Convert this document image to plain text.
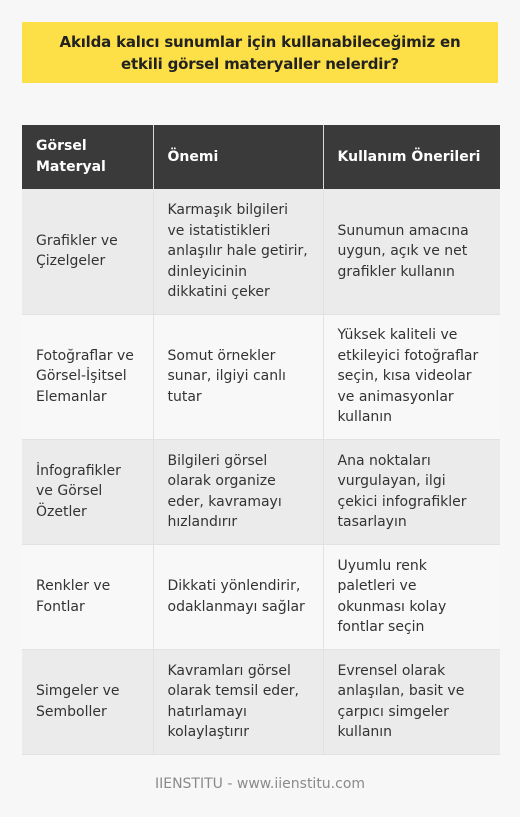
Akılda kalıcı sunumlar için kullanabileceğimiz en etkili görsel materyaller nelerdir?
Görsel Materyal	Önemi	Kullanım Önerileri
Grafikler ve Çizelgeler	Karmaşık bilgileri ve istatistikleri anlaşılır hale getirir, dinleyicinin dikkatini çeker	Sunumun amacına uygun, açık ve net grafikler kullanın
Fotoğraflar ve Görsel-İşitsel Elemanlar	Somut örnekler sunar, ilgiyi canlı tutar	Yüksek kaliteli ve etkileyici fotoğraflar seçin, kısa videolar ve animasyonlar kullanın
İnfografikler ve Görsel Özetler	Bilgileri görsel olarak organize eder, kavramayı hızlandırır	Ana noktaları vurgulayan, ilgi çekici infografikler tasarlayın
Renkler ve Fontlar	Dikkati yönlendirir, odaklanmayı sağlar	Uyumlu renk paletleri ve okunması kolay fontlar seçin
Simgeler ve Semboller	Kavramları görsel olarak temsil eder, hatırlamayı kolaylaştırır	Evrensel olarak anlaşılan, basit ve çarpıcı simgeler kullanın
IIENSTITU - www.iienstitu.com
